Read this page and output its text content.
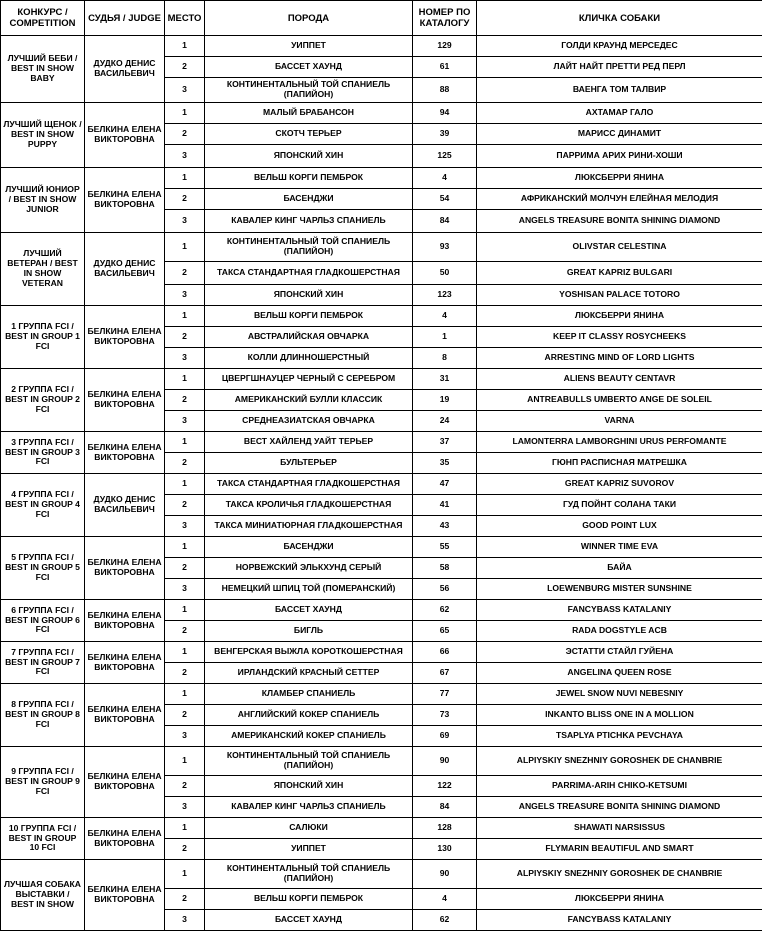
КОНКУРС / COMPETITION	СУДЬЯ / JUDGE	МЕСТО	ПОРОДА	НОМЕР ПО КАТАЛОГУ	КЛИЧКА СОБАКИ
ЛУЧШИЙ БЕБИ / BEST IN SHOW BABY	ДУДКО ДЕНИС ВАСИЛЬЕВИЧ	1	УИППЕТ	129	ГОЛДИ КРАУНД МЕРСЕДЕС
		2	БАССЕТ ХАУНД	61	ЛАЙТ НАЙТ ПРЕТТИ РЕД ПЕРЛ
		3	КОНТИНЕНТАЛЬНЫЙ ТОЙ СПАНИЕЛЬ (ПАПИЙОН)	88	ВАЕНГА ТОМ ТАЛВИР
ЛУЧШИЙ ЩЕНОК / BEST IN SHOW PUPPY	БЕЛКИНА ЕЛЕНА ВИКТОРОВНА	1	МАЛЫЙ БРАБАНСОН	94	АХТАМАР ГАЛО
		2	СКОТЧ ТЕРЬЕР	39	МАРИСС ДИНАМИТ
		3	ЯПОНСКИЙ ХИН	125	ПАРРИМА АРИХ РИНИ-ХОШИ
ЛУЧШИЙ ЮНИОР / BEST IN SHOW JUNIOR	БЕЛКИНА ЕЛЕНА ВИКТОРОВНА	1	ВЕЛЬШ КОРГИ ПЕМБРОК	4	ЛЮКСБЕРРИ ЯНИНА
		2	БАСЕНДЖИ	54	АФРИКАНСКИЙ МОЛЧУН ЕЛЕЙНАЯ МЕЛОДИЯ
		3	КАВАЛЕР КИНГ ЧАРЛЬЗ СПАНИЕЛЬ	84	ANGELS TREASURE BONITA SHINING DIAMOND
ЛУЧШИЙ ВЕТЕРАН / BEST IN SHOW VETERAN	ДУДКО ДЕНИС ВАСИЛЬЕВИЧ	1	КОНТИНЕНТАЛЬНЫЙ ТОЙ СПАНИЕЛЬ (ПАПИЙОН)	93	OLIVSTAR CELESTINA
		2	ТАКСА СТАНДАРТНАЯ ГЛАДКОШЕРСТНАЯ	50	GREAT KAPRIZ BULGARI
		3	ЯПОНСКИЙ ХИН	123	YOSHISAN PALACE TOTORO
1 ГРУППА FCI / BEST IN GROUP 1 FCI	БЕЛКИНА ЕЛЕНА ВИКТОРОВНА	1	ВЕЛЬШ КОРГИ ПЕМБРОК	4	ЛЮКСБЕРРИ ЯНИНА
		2	АВСТРАЛИЙСКАЯ ОВЧАРКА	1	KEEP IT CLASSY ROSYCHEEKS
		3	КОЛЛИ ДЛИННОШЕРСТНЫЙ	8	ARRESTING MIND OF LORD LIGHTS
2 ГРУППА FCI / BEST IN GROUP 2 FCI	БЕЛКИНА ЕЛЕНА ВИКТОРОВНА	1	ЦВЕРГШНАУЦЕР ЧЕРНЫЙ С СЕРЕБРОМ	31	ALIENS BEAUTY CENTAVR
		2	АМЕРИКАНСКИЙ БУЛЛИ КЛАССИК	19	ANTREABULLS UMBERTO ANGE DE SOLEIL
		3	СРЕДНЕАЗИАТСКАЯ ОВЧАРКА	24	VARNA
3 ГРУППА FCI / BEST IN GROUP 3 FCI	БЕЛКИНА ЕЛЕНА ВИКТОРОВНА	1	ВЕСТ ХАЙЛЕНД УАЙТ ТЕРЬЕР	37	LAMONTERRA LAMBORGHINI URUS PERFOMANTE
		2	БУЛЬТЕРЬЕР	35	ГЮНП РАСПИСНАЯ МАТРЕШКА
4 ГРУППА FCI / BEST IN GROUP 4 FCI	ДУДКО ДЕНИС ВАСИЛЬЕВИЧ	1	ТАКСА СТАНДАРТНАЯ ГЛАДКОШЕРСТНАЯ	47	GREAT KAPRIZ SUVOROV
		2	ТАКСА КРОЛИЧЬЯ ГЛАДКОШЕРСТНАЯ	41	ГУД ПОЙНТ СОЛАНА ТАКИ
		3	ТАКСА МИНИАТЮРНАЯ ГЛАДКОШЕРСТНАЯ	43	GOOD POINT LUX
5 ГРУППА FCI / BEST IN GROUP 5 FCI	БЕЛКИНА ЕЛЕНА ВИКТОРОВНА	1	БАСЕНДЖИ	55	WINNER TIME EVA
		2	НОРВЕЖСКИЙ ЭЛЬКХУНД СЕРЫЙ	58	БАЙА
		3	НЕМЕЦКИЙ ШПИЦ ТОЙ (ПОМЕРАНСКИЙ)	56	LOEWENBURG MISTER SUNSHINE
6 ГРУППА FCI / BEST IN GROUP 6 FCI	БЕЛКИНА ЕЛЕНА ВИКТОРОВНА	1	БАССЕТ ХАУНД	62	FANCYBASS KATALANIY
		2	БИГЛЬ	65	RADA DOGSTYLE ACB
7 ГРУППА FCI / BEST IN GROUP 7 FCI	БЕЛКИНА ЕЛЕНА ВИКТОРОВНА	1	ВЕНГЕРСКАЯ ВЫЖЛА КОРОТКОШЕРСТНАЯ	66	ЭСТАТТИ СТАЙЛ ГУЙЕНА
		2	ИРЛАНДСКИЙ КРАСНЫЙ СЕТТЕР	67	ANGELINA QUEEN ROSE
8 ГРУППА FCI / BEST IN GROUP 8 FCI	БЕЛКИНА ЕЛЕНА ВИКТОРОВНА	1	КЛАМБЕР СПАНИЕЛЬ	77	JEWEL SNOW NUVI NEBESNIY
		2	АНГЛИЙСКИЙ КОКЕР СПАНИЕЛЬ	73	INKANTO BLISS ONE IN A MOLLION
		3	АМЕРИКАНСКИЙ КОКЕР СПАНИЕЛЬ	69	TSAPLYA PTICHKA PEVCHAYA
9 ГРУППА FCI / BEST IN GROUP 9 FCI	БЕЛКИНА ЕЛЕНА ВИКТОРОВНА	1	КОНТИНЕНТАЛЬНЫЙ ТОЙ СПАНИЕЛЬ (ПАПИЙОН)	90	ALPIYSKIY SNEZHNIY GOROSHEK DE CHANBRIE
		2	ЯПОНСКИЙ ХИН	122	PARRIMA-ARIH CHIKO-KETSUMI
		3	КАВАЛЕР КИНГ ЧАРЛЬЗ СПАНИЕЛЬ	84	ANGELS TREASURE BONITA SHINING DIAMOND
10 ГРУППА FCI / BEST IN GROUP 10 FCI	БЕЛКИНА ЕЛЕНА ВИКТОРОВНА	1	САЛЮКИ	128	SHAWATI NARSISSUS
		2	УИППЕТ	130	FLYMARIN BEAUTIFUL AND SMART
ЛУЧШАЯ СОБАКА ВЫСТАВКИ / BEST IN SHOW	БЕЛКИНА ЕЛЕНА ВИКТОРОВНА	1	КОНТИНЕНТАЛЬНЫЙ ТОЙ СПАНИЕЛЬ (ПАПИЙОН)	90	ALPIYSKIY SNEZHNIY GOROSHEK DE CHANBRIE
		2	ВЕЛЬШ КОРГИ ПЕМБРОК	4	ЛЮКСБЕРРИ ЯНИНА
		3	БАССЕТ ХАУНД	62	FANCYBASS KATALANIY
